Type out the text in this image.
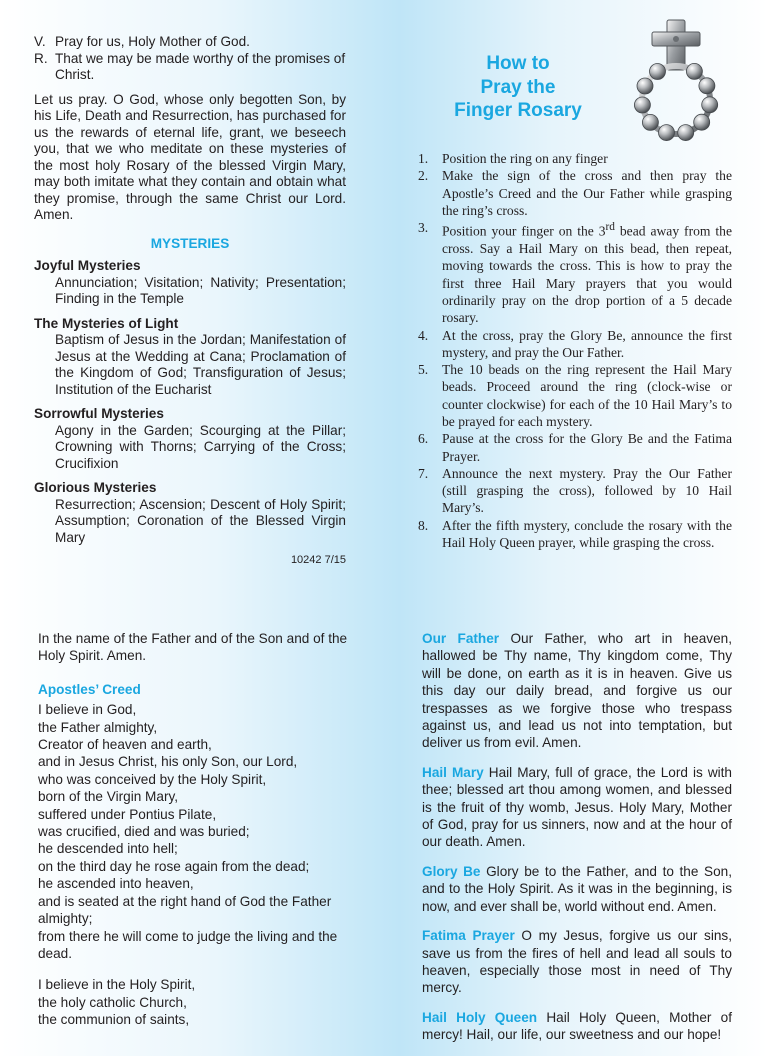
V. Pray for us, Holy Mother of God.
R. That we may be made worthy of the promises of Christ.

Let us pray. O God, whose only begotten Son, by his Life, Death and Resurrection, has purchased for us the rewards of eternal life, grant, we beseech you, that we who meditate on these mysteries of the most holy Rosary of the blessed Virgin Mary, may both imitate what they contain and obtain what they promise, through the same Christ our Lord. Amen.

MYSTERIES
Joyful Mysteries
Annunciation; Visitation; Nativity; Presentation; Finding in the Temple
The Mysteries of Light
Baptism of Jesus in the Jordan; Manifestation of Jesus at the Wedding at Cana; Proclamation of the Kingdom of God; Transfiguration of Jesus; Institution of the Eucharist
Sorrowful Mysteries
Agony in the Garden; Scourging at the Pillar; Crowning with Thorns; Carrying of the Cross; Crucifixion
Glorious Mysteries
Resurrection; Ascension; Descent of Holy Spirit; Assumption; Coronation of the Blessed Virgin Mary
10242 7/15
How to
Pray the
Finger Rosary
1.	Position the ring on any finger
2.	Make the sign of the cross and then pray the Apostle’s Creed and the Our Father while grasping the ring’s cross.
3.	Position your finger on the 3rd bead away from the cross. Say a Hail Mary on this bead, then repeat, moving towards the cross. This is how to pray the first three Hail Mary prayers that you would ordinarily pray on the drop portion of a 5 decade rosary.
4.	At the cross, pray the Glory Be, announce the first mystery, and pray the Our Father.
5.	The 10 beads on the ring represent the Hail Mary beads. Proceed around the ring (clock-wise or counter clockwise) for each of the 10 Hail Mary’s to be prayed for each mystery.
6.	Pause at the cross for the Glory Be and the Fatima Prayer.
7.	Announce the next mystery. Pray the Our Father (still grasping the cross), followed by 10 Hail Mary’s.
8.	After the fifth mystery, conclude the rosary with the Hail Holy Queen prayer, while grasping the cross.
In the name of the Father and of the Son and of the Holy Spirit. Amen.
Apostles’ Creed
I believe in God,
the Father almighty,
Creator of heaven and earth,
and in Jesus Christ, his only Son, our Lord,
who was conceived by the Holy Spirit,
born of the Virgin Mary,
suffered under Pontius Pilate,
was crucified, died and was buried;
he descended into hell;
on the third day he rose again from the dead;
he ascended into heaven,
and is seated at the right hand of God the Father almighty;
from there he will come to judge the living and the dead.
I believe in the Holy Spirit,
the holy catholic Church,
the communion of saints,
Our Father Our Father, who art in heaven, hallowed be Thy name, Thy kingdom come, Thy will be done, on earth as it is in heaven. Give us this day our daily bread, and forgive us our trespasses as we forgive those who trespass against us, and lead us not into temptation, but deliver us from evil. Amen.
Hail Mary Hail Mary, full of grace, the Lord is with thee; blessed art thou among women, and blessed is the fruit of thy womb, Jesus. Holy Mary, Mother of God, pray for us sinners, now and at the hour of our death. Amen.
Glory Be Glory be to the Father, and to the Son, and to the Holy Spirit. As it was in the beginning, is now, and ever shall be, world without end. Amen.
Fatima Prayer O my Jesus, forgive us our sins, save us from the fires of hell and lead all souls to heaven, especially those most in need of Thy mercy.
Hail Holy Queen Hail Holy Queen, Mother of mercy! Hail, our life, our sweetness and our hope!
